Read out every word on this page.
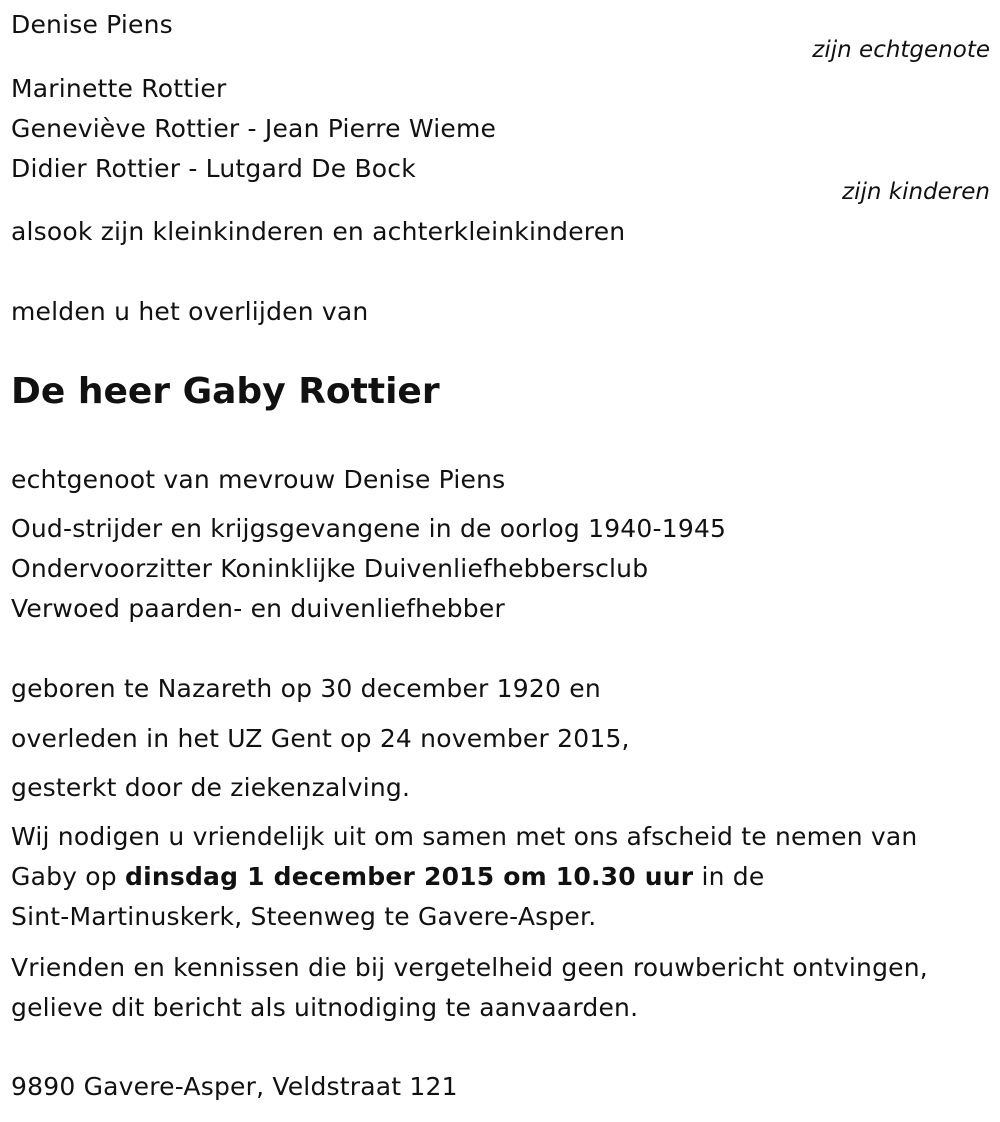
Denise Piens
zijn echtgenote
Marinette Rottier
Geneviève Rottier - Jean Pierre Wieme
Didier Rottier - Lutgard De Bock
zijn kinderen
alsook zijn kleinkinderen en achterkleinkinderen
melden u het overlijden van
De heer Gaby Rottier
echtgenoot van mevrouw Denise Piens
Oud-strijder en krijgsgevangene in de oorlog 1940-1945
Ondervoorzitter Koninklijke Duivenliefhebbersclub
Verwoed paarden- en duivenliefhebber
geboren te Nazareth op 30 december 1920 en
overleden in het UZ Gent op 24 november 2015,
gesterkt door de ziekenzalving.
Wij nodigen u vriendelijk uit om samen met ons afscheid te nemen van
Gaby op dinsdag 1 december 2015 om 10.30 uur in de
Sint-Martinuskerk, Steenweg te Gavere-Asper.
Vrienden en kennissen die bij vergetelheid geen rouwbericht ontvingen,
gelieve dit bericht als uitnodiging te aanvaarden.
9890 Gavere-Asper, Veldstraat 121
